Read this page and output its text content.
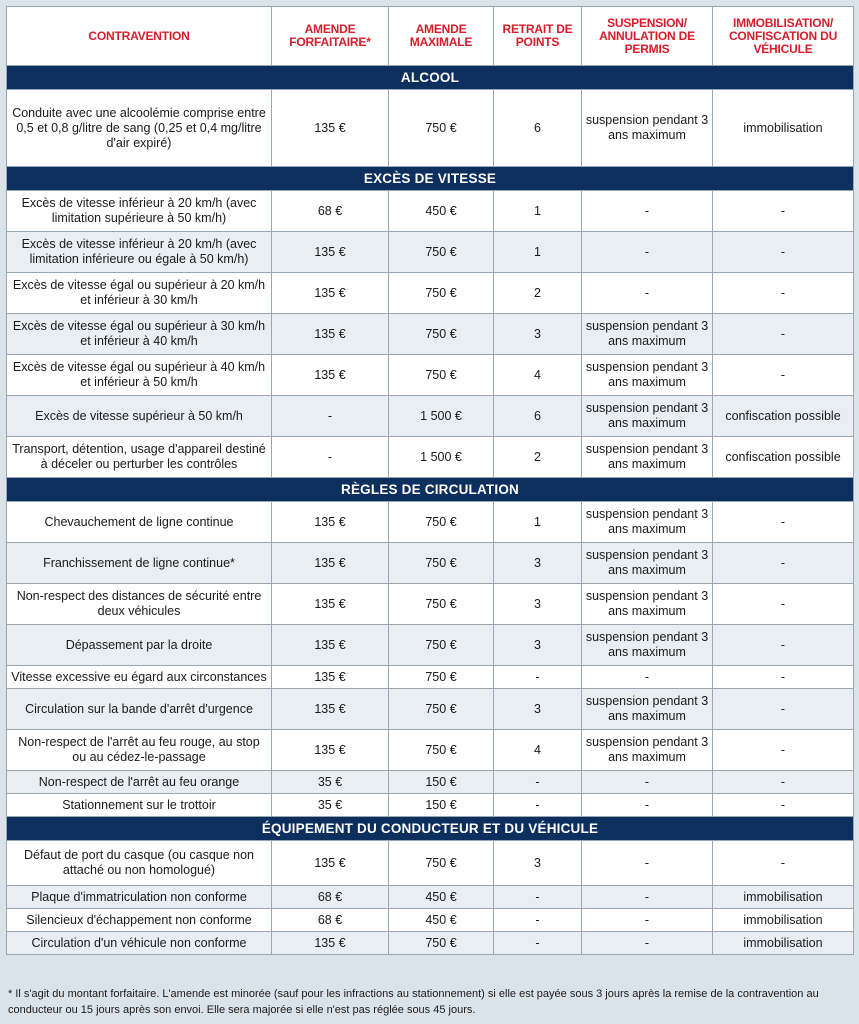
CONTRAVENTION	AMENDE FORFAITAIRE*	AMENDE MAXIMALE	RETRAIT DE POINTS	SUSPENSION/ ANNULATION DE PERMIS	IMMOBILISATION/ CONFISCATION DU VÉHICULE
ALCOOL					
Conduite avec une alcoolémie comprise entre 0,5 et 0,8 g/litre de sang (0,25 et 0,4 mg/litre d'air expiré)	135 €	750 €	6	suspension pendant 3 ans maximum	immobilisation
EXCÈS DE VITESSE					
Excès de vitesse inférieur à 20 km/h (avec limitation supérieure à 50 km/h)	68 €	450 €	1	-	-
Excès de vitesse inférieur à 20 km/h (avec limitation inférieure ou égale à 50 km/h)	135 €	750 €	1	-	-
Excès de vitesse égal ou supérieur à 20 km/h et inférieur à 30 km/h	135 €	750 €	2	-	-
Excès de vitesse égal ou supérieur à 30 km/h et inférieur à 40 km/h	135 €	750 €	3	suspension pendant 3 ans maximum	-
Excès de vitesse égal ou supérieur à 40 km/h et inférieur à 50 km/h	135 €	750 €	4	suspension pendant 3 ans maximum	-
Excès de vitesse supérieur à 50 km/h	-	1 500 €	6	suspension pendant 3 ans maximum	confiscation possible
Transport, détention, usage d'appareil destiné à déceler ou perturber les contrôles	-	1 500 €	2	suspension pendant 3 ans maximum	confiscation possible
RÈGLES DE CIRCULATION					
Chevauchement de ligne continue	135 €	750 €	1	suspension pendant 3 ans maximum	-
Franchissement de ligne continue*	135 €	750 €	3	suspension pendant 3 ans maximum	-
Non-respect des distances de sécurité entre deux véhicules	135 €	750 €	3	suspension pendant 3 ans maximum	-
Dépassement par la droite	135 €	750 €	3	suspension pendant 3 ans maximum	-
Vitesse excessive eu égard aux circonstances	135 €	750 €	-	-	-
Circulation sur la bande d'arrêt d'urgence	135 €	750 €	3	suspension pendant 3 ans maximum	-
Non-respect de l'arrêt au feu rouge, au stop ou au cédez-le-passage	135 €	750 €	4	suspension pendant 3 ans maximum	-
Non-respect de l'arrêt au feu orange	35 €	150 €	-	-	-
Stationnement sur le trottoir	35 €	150 €	-	-	-
ÉQUIPEMENT DU CONDUCTEUR ET DU VÉHICULE					
Défaut de port du casque (ou casque non attaché ou non homologué)	135 €	750 €	3	-	-
Plaque d'immatriculation non conforme	68 €	450 €	-	-	immobilisation
Silencieux d'échappement non conforme	68 €	450 €	-	-	immobilisation
Circulation d'un véhicule non conforme	135 €	750 €	-	-	immobilisation
* Il s'agit du montant forfaitaire. L'amende est minorée (sauf pour les infractions au stationnement) si elle est payée sous 3 jours après la remise de la contravention au conducteur ou 15 jours après son envoi. Elle sera majorée si elle n'est pas réglée sous 45 jours.
